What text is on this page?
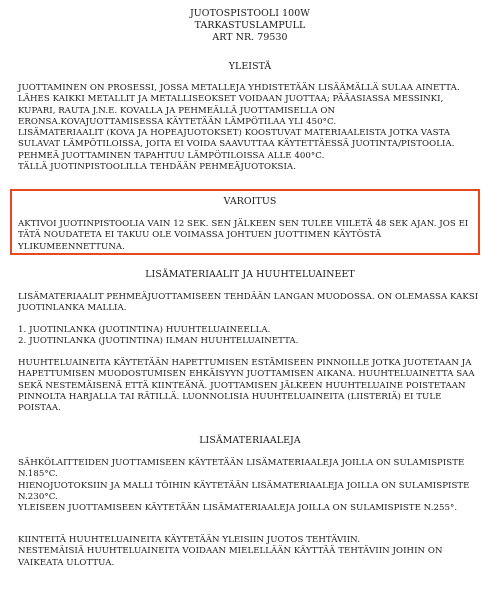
JUOTOSPISTOOLI 100W
TARKASTUSLAMPULL
ART NR. 79530
YLEISTÄ
JUOTTAMINEN ON PROSESSI, JOSSA METALLEJA YHDISTETÄÄN LISÄÄMÄLLÄ SULAA AINETTA.
LÄHES KAIKKI METALLIT JA METALLISEOKSET VOIDAAN JUOTTAA; PÄÄASIASSA MESSINKI,
KUPARI, RAUTA J.N.E. KOVALLA JA PEHMEÄLLÄ JUOTTAMISELLA ON
ERONSA.KOVAJUOTTAMISESSA KÄYTETÄÄN LÄMPÖTILAA YLI 450°C.
LISÄMATERIAALIT (KOVA JA HOPEAJUOTOKSET) KOOSTUVAT MATERIAALEISTA JOTKA VASTA
SULAVAT LÄMPÖTILOISSA, JOITA EI VOIDA SAAVUTTAA KÄYTETTÄESSÄ JUOTINTA/PISTOOLIA.
PEHMEÄ JUOTTAMINEN TAPAHTUU LÄMPÖTILOISSA ALLE 400°C.
TÄLLÄ JUOTINPISTOOLILLA TEHDÄÄN PEHMEÄJUOTOKSIA.
VAROITUS
AKTIVOI JUOTINPISTOOLIA VAIN 12 SEK. SEN JÄLKEEN SEN TULEE VIILETÄ 48 SEK AJAN. JOS EI
TÄTÄ NOUDATETA EI TAKUU OLE VOIMASSA JOHTUEN JUOTTIMEN KÄYTÖSTÄ
YLIKUMEENNETTUNA.
LISÄMATERIAALIT JA HUUHTELUAINEET
LISÄMATERIAALIT PEHMEÄJUOTTAMISEEN TEHDÄÄN LANGAN MUODOSSA. ON OLEMASSA KAKSI
JUOTINLANKA MALLIA.
1. JUOTINLANKA (JUOTINTINA) HUUHTELUAINEELLA.
2. JUOTINLANKA (JUOTINTINA) ILMAN HUUHTELUAINETTA.
HUUHTELUAINEITA KÄYTETÄÄN HAPETTUMISEN ESTÄMISEEN PINNOILLE JOTKA JUOTETAAN JA
HAPETTUMISEN MUODOSTUMISEN EHKÄISYYN JUOTTAMISEN AIKANA. HUUHTELUAINETTA SAA
SEKÄ NESTEMÄISENÄ ETTÄ KIINTEÄNÄ. JUOTTAMISEN JÄLKEEN HUUHTELUAINE POISTETAAN
PINNOLTA HARJALLA TAI RÄTILLÄ. LUONNOLISIA HUUHTELUAINEITA (LIISTERIÄ) EI TULE
POISTAA.
LISÄMATERIAALEJA
SÄHKÖLAITTEIDEN JUOTTAMISEEN KÄYTETÄÄN LISÄMATERIAALEJA JOILLA ON SULAMISPISTE
N.185°C.
HIENOJUOTOKSIIN JA MALLI TÖIHIN KÄYTETÄÄN LISÄMATERIAALEJA JOILLA ON SULAMISPISTE
N.230°C.
YLEISEEN JUOTTAMISEEN KÄYTETÄÄN LISÄMATERIAALEJA JOILLA ON SULAMISPISTE N.255°.
KIINTEITÄ HUUHTELUAINEITA KÄYTETÄÄN YLEISIIN JUOTOS TEHTÄVIIN.
NESTEMÄISIÄ HUUHTELUAINEITA VOIDAAN MIELELLÄÄN KÄYTTÄÄ TEHTÄVIIN JOIHIN ON
VAIKEATA ULOTTUA.
